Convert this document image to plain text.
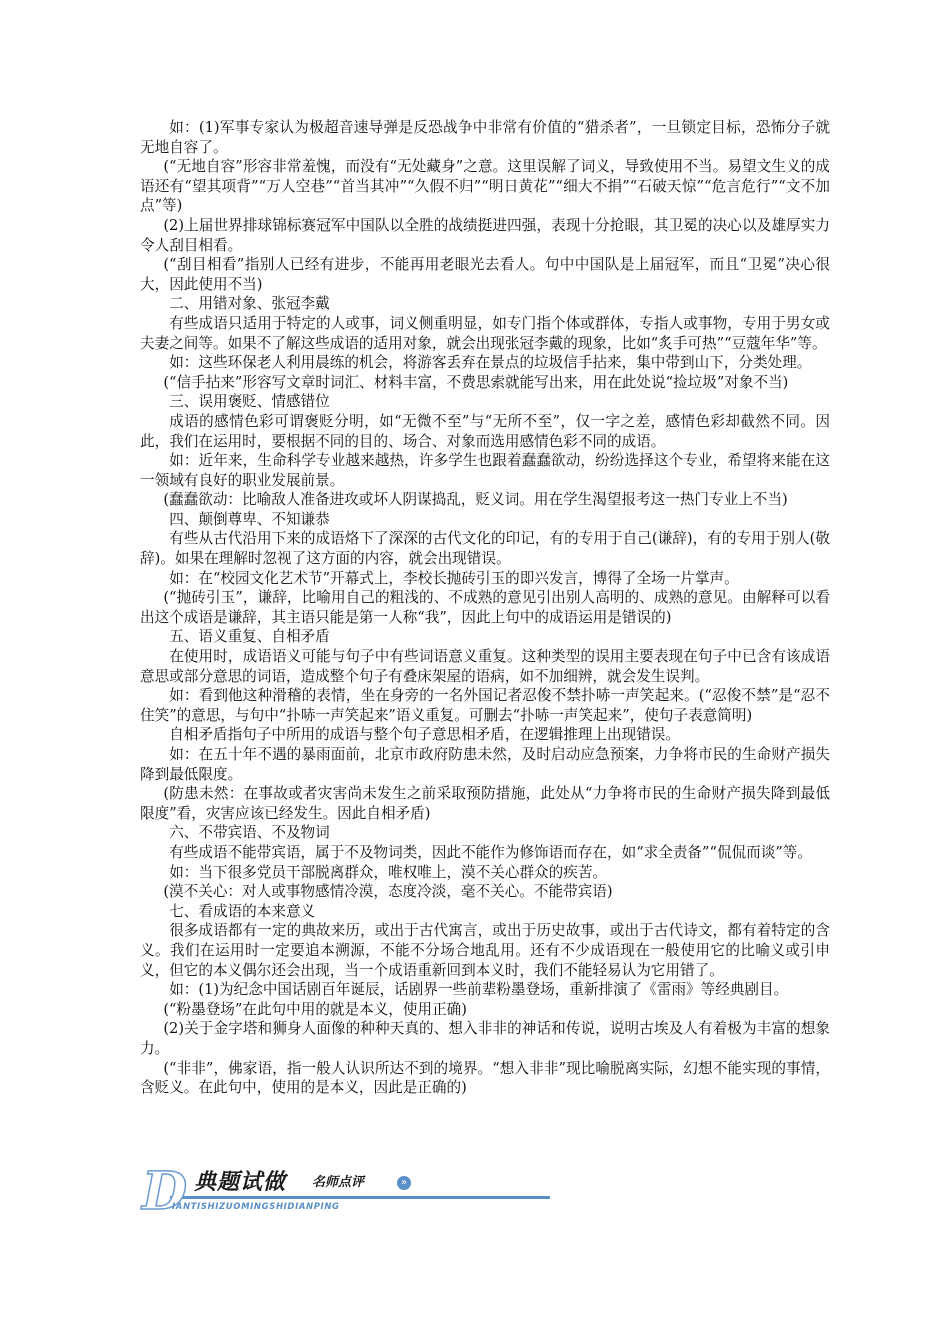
如：(1)军事专家认为极超音速导弹是反恐战争中非常有价值的“猎杀者”，一旦锁定目标，恐怖分子就无地自容了。

(“无地自容”形容非常羞愧，而没有“无处藏身”之意。这里误解了词义，导致使用不当。易望文生义的成语还有“望其项背”“万人空巷”“首当其冲”“久假不归”“明日黄花”“细大不捐”“石破天惊”“危言危行”“文不加点”等)

(2)上届世界排球锦标赛冠军中国队以全胜的战绩挺进四强，表现十分抢眼，其卫冕的决心以及雄厚实力令人刮目相看。

(“刮目相看”指别人已经有进步，不能再用老眼光去看人。句中中国队是上届冠军，而且“卫冕”决心很大，因此使用不当)

二、用错对象、张冠李戴

有些成语只适用于特定的人或事，词义侧重明显，如专门指个体或群体，专指人或事物，专用于男女或夫妻之间等。如果不了解这些成语的适用对象，就会出现张冠李戴的现象，比如“炙手可热”“豆蔻年华”等。

如：这些环保老人利用晨练的机会，将游客丢弃在景点的垃圾信手拈来，集中带到山下，分类处理。

(“信手拈来”形容写文章时词汇、材料丰富，不费思索就能写出来，用在此处说“捡垃圾”对象不当)

三、误用褒贬、情感错位

成语的感情色彩可谓褒贬分明，如“无微不至”与“无所不至”，仅一字之差，感情色彩却截然不同。因此，我们在运用时，要根据不同的目的、场合、对象而选用感情色彩不同的成语。

如：近年来，生命科学专业越来越热，许多学生也跟着蠢蠢欲动，纷纷选择这个专业，希望将来能在这一领域有良好的职业发展前景。

(蠢蠢欲动：比喻敌人准备进攻或坏人阴谋捣乱，贬义词。用在学生渴望报考这一热门专业上不当)

四、颠倒尊卑、不知谦恭

有些从古代沿用下来的成语烙下了深深的古代文化的印记，有的专用于自己(谦辞)，有的专用于别人(敬辞)。如果在理解时忽视了这方面的内容，就会出现错误。

如：在“校园文化艺术节”开幕式上，李校长抛砖引玉的即兴发言，博得了全场一片掌声。

(“抛砖引玉”，谦辞，比喻用自己的粗浅的、不成熟的意见引出别人高明的、成熟的意见。由解释可以看出这个成语是谦辞，其主语只能是第一人称“我”，因此上句中的成语运用是错误的)

五、语义重复、自相矛盾

在使用时，成语语义可能与句子中有些词语意义重复。这种类型的误用主要表现在句子中已含有该成语意思或部分意思的词语，造成整个句子有叠床架屋的语病，如不加细辨，就会发生误判。

如：看到他这种滑稽的表情，坐在身旁的一名外国记者忍俊不禁扑哧一声笑起来。(“忍俊不禁”是“忍不住笑”的意思，与句中“扑哧一声笑起来”语义重复。可删去“扑哧一声笑起来”，使句子表意简明)

自相矛盾指句子中所用的成语与整个句子意思相矛盾，在逻辑推理上出现错误。

如：在五十年不遇的暴雨面前，北京市政府防患未然，及时启动应急预案，力争将市民的生命财产损失降到最低限度。

(防患未然：在事故或者灾害尚未发生之前采取预防措施，此处从“力争将市民的生命财产损失降到最低限度”看，灾害应该已经发生。因此自相矛盾)

六、不带宾语、不及物词

有些成语不能带宾语，属于不及物词类，因此不能作为修饰语而存在，如“求全责备”“侃侃而谈”等。

如：当下很多党员干部脱离群众，唯权唯上，漠不关心群众的疾苦。

(漠不关心：对人或事物感情冷漠，态度冷淡，毫不关心。不能带宾语)

七、看成语的本来意义

很多成语都有一定的典故来历，或出于古代寓言，或出于历史故事，或出于古代诗文，都有着特定的含义。我们在运用时一定要追本溯源，不能不分场合地乱用。还有不少成语现在一般使用它的比喻义或引申义，但它的本义偶尔还会出现，当一个成语重新回到本义时，我们不能轻易认为它用错了。

如：(1)为纪念中国话剧百年诞辰，话剧界一些前辈粉墨登场，重新排演了《雷雨》等经典剧目。

(“粉墨登场”在此句中用的就是本义，使用正确)

(2)关于金字塔和狮身人面像的种种天真的、想入非非的神话和传说，说明古埃及人有着极为丰富的想象力。

(“非非”，佛家语，指一般人认识所达不到的境界。“想入非非”现比喻脱离实际，幻想不能实现的事情，含贬义。在此句中，使用的是本义，因此是正确的)

D 典题试做 名师点评	»
IANTISHIZUOMINGSHIDIANPING
